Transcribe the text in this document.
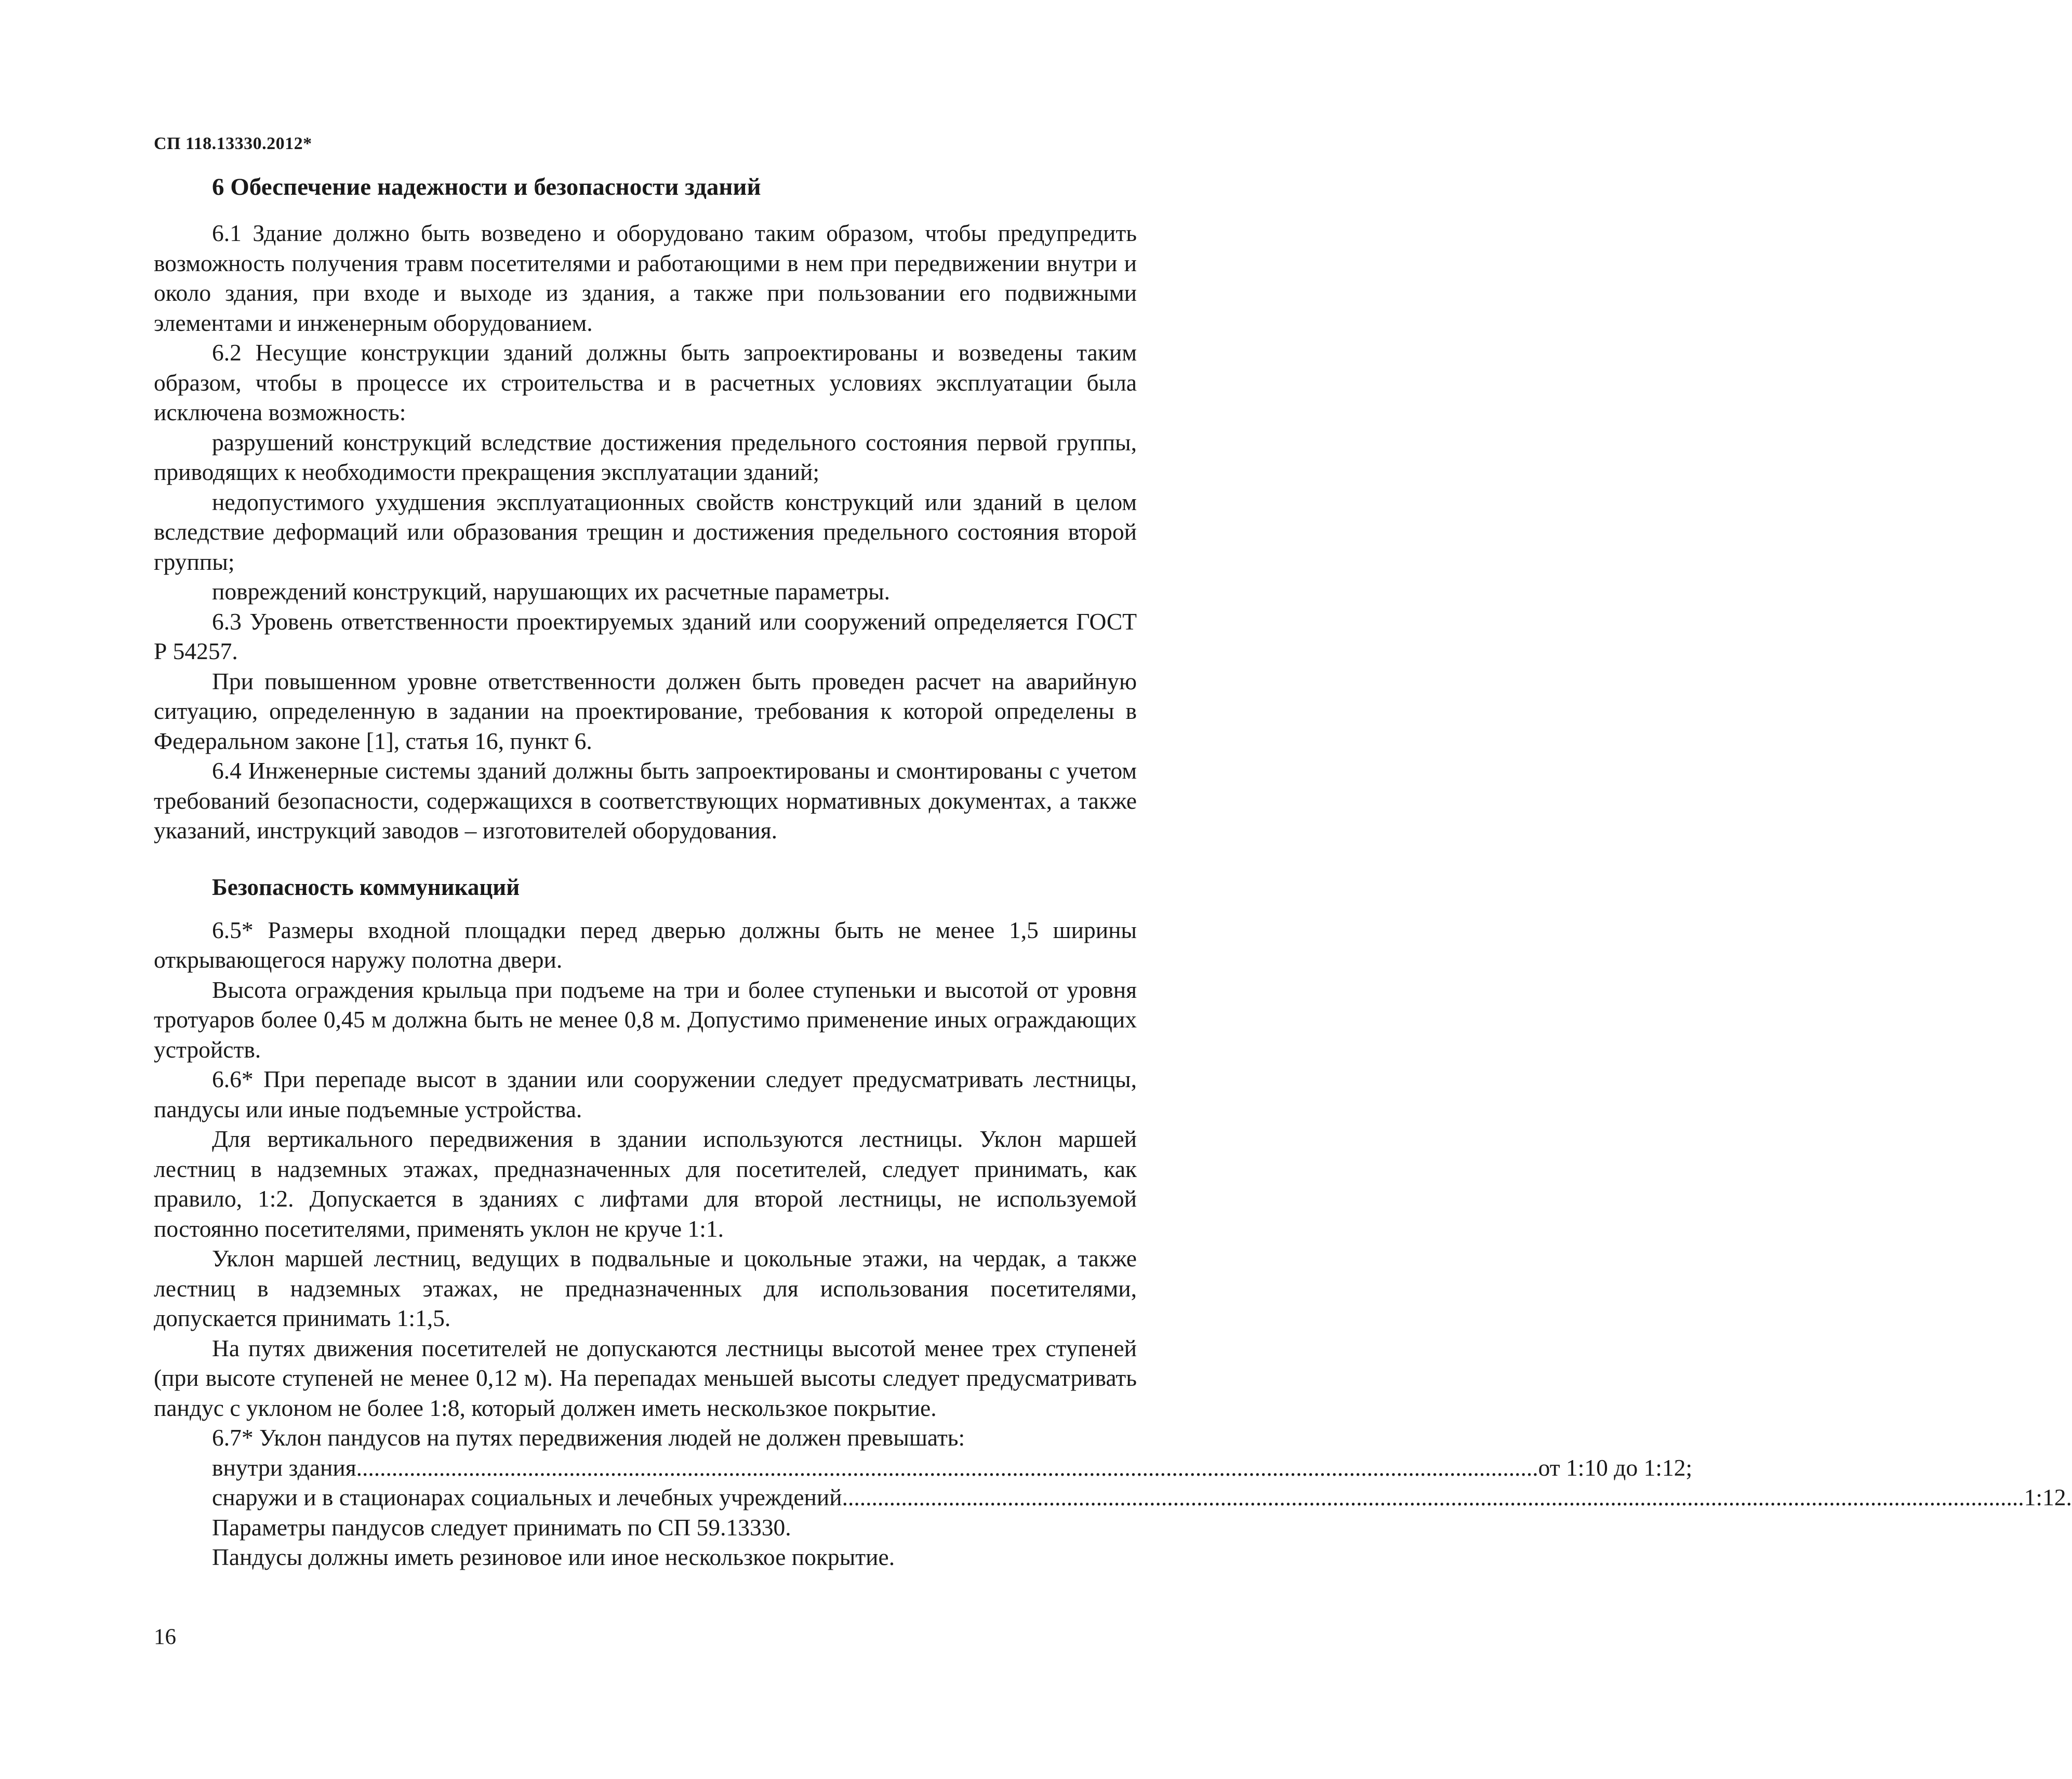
СП 118.13330.2012*
6 Обеспечение надежности и безопасности зданий

6.1 Здание должно быть возведено и оборудовано таким образом, чтобы предупредить возможность получения травм посетителями и работающими в нем при передвижении внутри и около здания, при входе и выходе из здания, а также при пользовании его подвижными элементами и инженерным оборудованием.

6.2 Несущие конструкции зданий должны быть запроектированы и возведены таким образом, чтобы в процессе их строительства и в расчетных условиях эксплуатации была исключена возможность:

разрушений конструкций вследствие достижения предельного состояния первой группы, приводящих к необходимости прекращения эксплуатации зданий;

недопустимого ухудшения эксплуатационных свойств конструкций или зданий в целом вследствие деформаций или образования трещин и достижения предельного состояния второй группы;

повреждений конструкций, нарушающих их расчетные параметры.

6.3 Уровень ответственности проектируемых зданий или сооружений определяется ГОСТ Р 54257.

При повышенном уровне ответственности должен быть проведен расчет на аварийную ситуацию, определенную в задании на проектирование, требования к которой определены в Федеральном законе [1], статья 16, пункт 6.

6.4 Инженерные системы зданий должны быть запроектированы и смонтированы с учетом требований безопасности, содержащихся в соответствующих нормативных документах, а также указаний, инструкций заводов – изготовителей оборудования.

Безопасность коммуникаций

6.5* Размеры входной площадки перед дверью должны быть не менее 1,5 ширины открывающегося наружу полотна двери.

Высота ограждения крыльца при подъеме на три и более ступеньки и высотой от уровня тротуаров более 0,45 м должна быть не менее 0,8 м. Допустимо применение иных ограждающих устройств.

6.6* При перепаде высот в здании или сооружении следует предусматривать лестницы, пандусы или иные подъемные устройства.

Для вертикального передвижения в здании используются лестницы. Уклон маршей лестниц в надземных этажах, предназначенных для посетителей, следует принимать, как правило, 1:2. Допускается в зданиях с лифтами для второй лестницы, не используемой постоянно посетителями, применять уклон не круче 1:1.

Уклон маршей лестниц, ведущих в подвальные и цокольные этажи, на чердак, а также лестниц в надземных этажах, не предназначенных для использования посетителями, допускается принимать 1:1,5.

На путях движения посетителей не допускаются лестницы высотой менее трех ступеней (при высоте ступеней не менее 0,12 м). На перепадах меньшей высоты следует предусматривать пандус с уклоном не более 1:8, который должен иметь нескользкое покрытие.

6.7* Уклон пандусов на путях передвижения людей не должен превышать:

внутри здания ........................................................................................................................................................................................................ от 1:10 до 1:12;
снаружи и в стационарах социальных и лечебных учреждений ........................................................................................................................................................................................................ 1:12.

Параметры пандусов следует принимать по СП 59.13330.

Пандусы должны иметь резиновое или иное нескользкое покрытие.

16
